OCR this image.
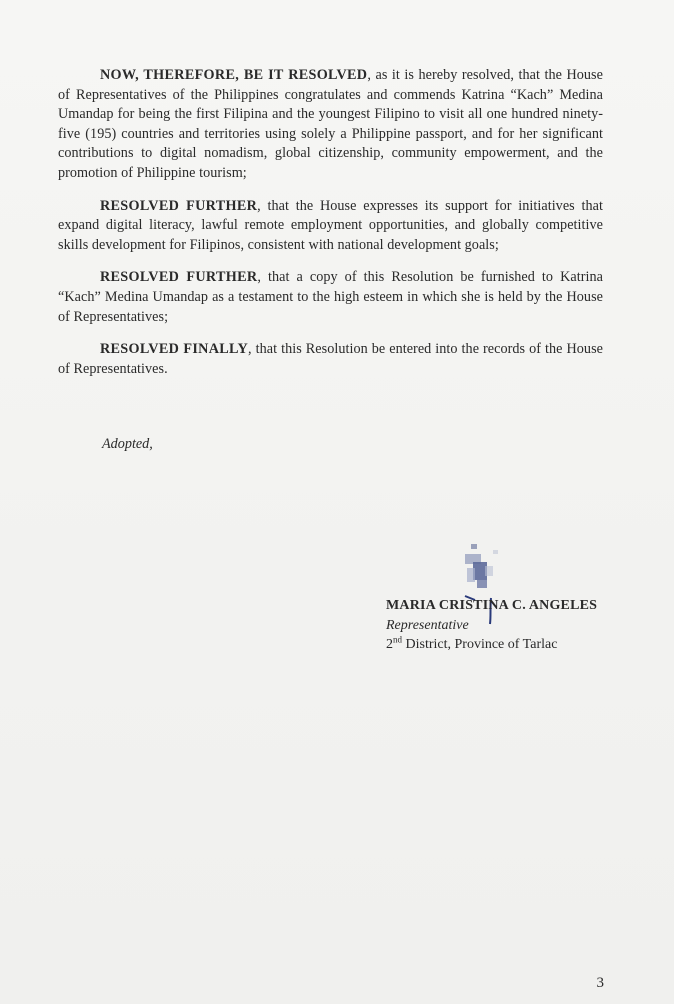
NOW, THEREFORE, BE IT RESOLVED, as it is hereby resolved, that the House of Representatives of the Philippines congratulates and commends Katrina “Kach” Medina Umandap for being the first Filipina and the youngest Filipino to visit all one hundred ninety-five (195) countries and territories using solely a Philippine passport, and for her significant contributions to digital nomadism, global citizenship, community empowerment, and the promotion of Philippine tourism;

RESOLVED FURTHER, that the House expresses its support for initiatives that expand digital literacy, lawful remote employment opportunities, and globally competitive skills development for Filipinos, consistent with national development goals;

RESOLVED FURTHER, that a copy of this Resolution be furnished to Katrina “Kach” Medina Umandap as a testament to the high esteem in which she is held by the House of Representatives;

RESOLVED FINALLY, that this Resolution be entered into the records of the House of Representatives.

Adopted,
MARIA CRISTINA C. ANGELES
Representative
2nd District, Province of Tarlac
3
